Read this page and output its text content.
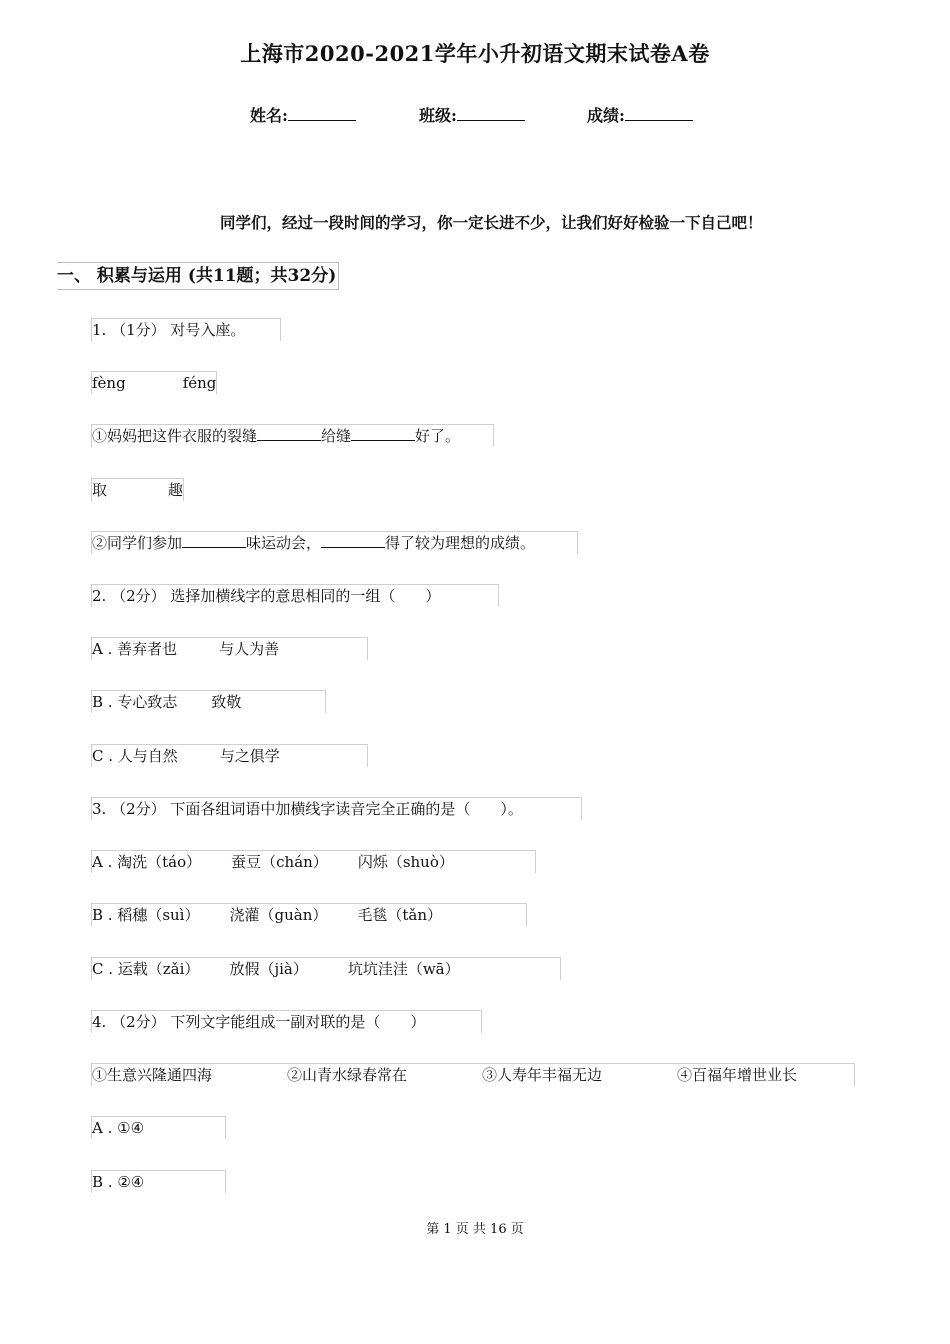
上海市2020-2021学年小升初语文期末试卷A卷
姓名:	班级:	成绩:
同学们，经过一段时间的学习，你一定长进不少，让我们好好检验一下自己吧！
一、 积累与运用 (共11题；共32分)
1. （1分） 对号入座。
fèng	féng
①妈妈把这件衣服的裂缝	给缝	好了。
取	趣
②同学们参加	味运动会，	得了较为理想的成绩。
2. （2分） 选择加横线字的意思相同的一组（　　）
A . 善弃者也	与人为善
B . 专心致志 致敬
C . 人与自然	与之俱学
3. （2分） 下面各组词语中加横线字读音完全正确的是（　　）。
A . 淘洗（táo） 蚕豆（chán） 闪烁（shuò）
B . 稻穗（suì） 浇灌（guàn） 毛毯（tǎn）
C . 运载（zǎi） 放假（jià）	坑坑洼洼（wā）
4. （2分） 下列文字能组成一副对联的是（　　）
①生意兴隆通四海	②山青水绿春常在	③人寿年丰福无边	④百福年增世业长
A . ①④
B . ②④
第 1 页 共 16 页
